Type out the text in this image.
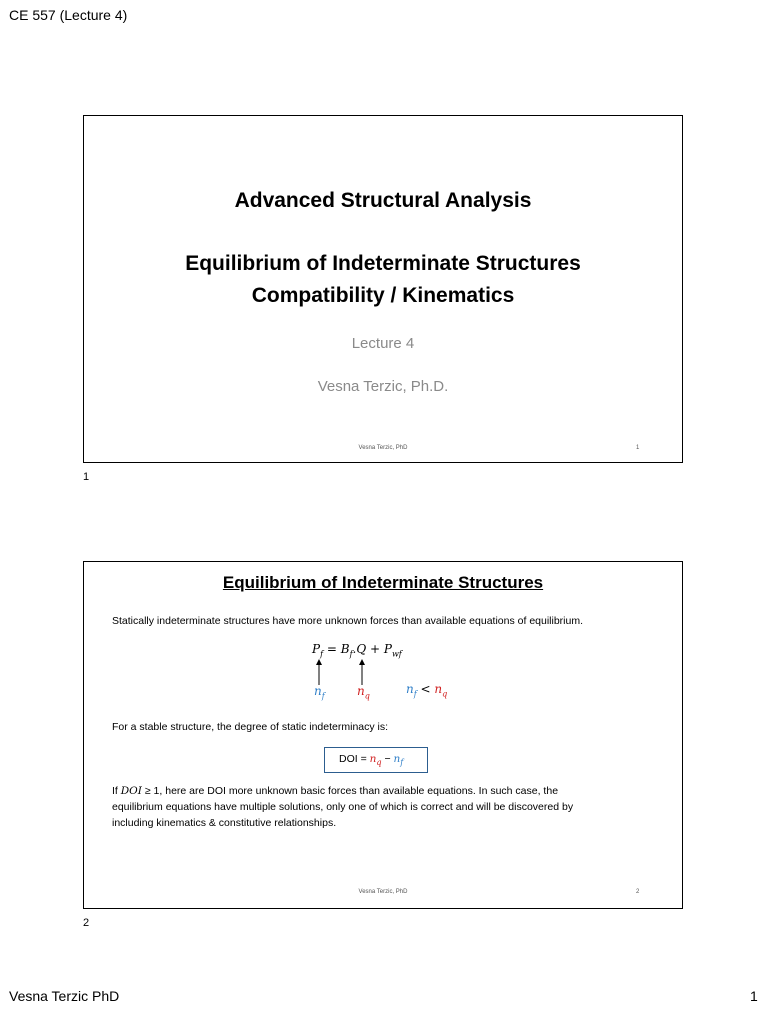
CE 557 (Lecture 4)
Advanced Structural Analysis
Equilibrium of Indeterminate Structures
Compatibility / Kinematics
Lecture 4
Vesna Terzic, Ph.D.
Vesna Terzic, PhD	1
1
Equilibrium of Indeterminate Structures
Statically indeterminate structures have more unknown forces than available equations of equilibrium.
$P_f = B_f.Q + P_{wf}$
$n_f$	$n_q$	$n_f < n_q$
For a stable structure, the degree of static indeterminacy is:
DOI = $n_q - n_f$
If DOI ≥ 1, here are DOI more unknown basic forces than available equations. In such case, the
equilibrium equations have multiple solutions, only one of which is correct and will be discovered by
including kinematics & constitutive relationships.
Vesna Terzic, PhD	2
2
Vesna Terzic PhD	1
